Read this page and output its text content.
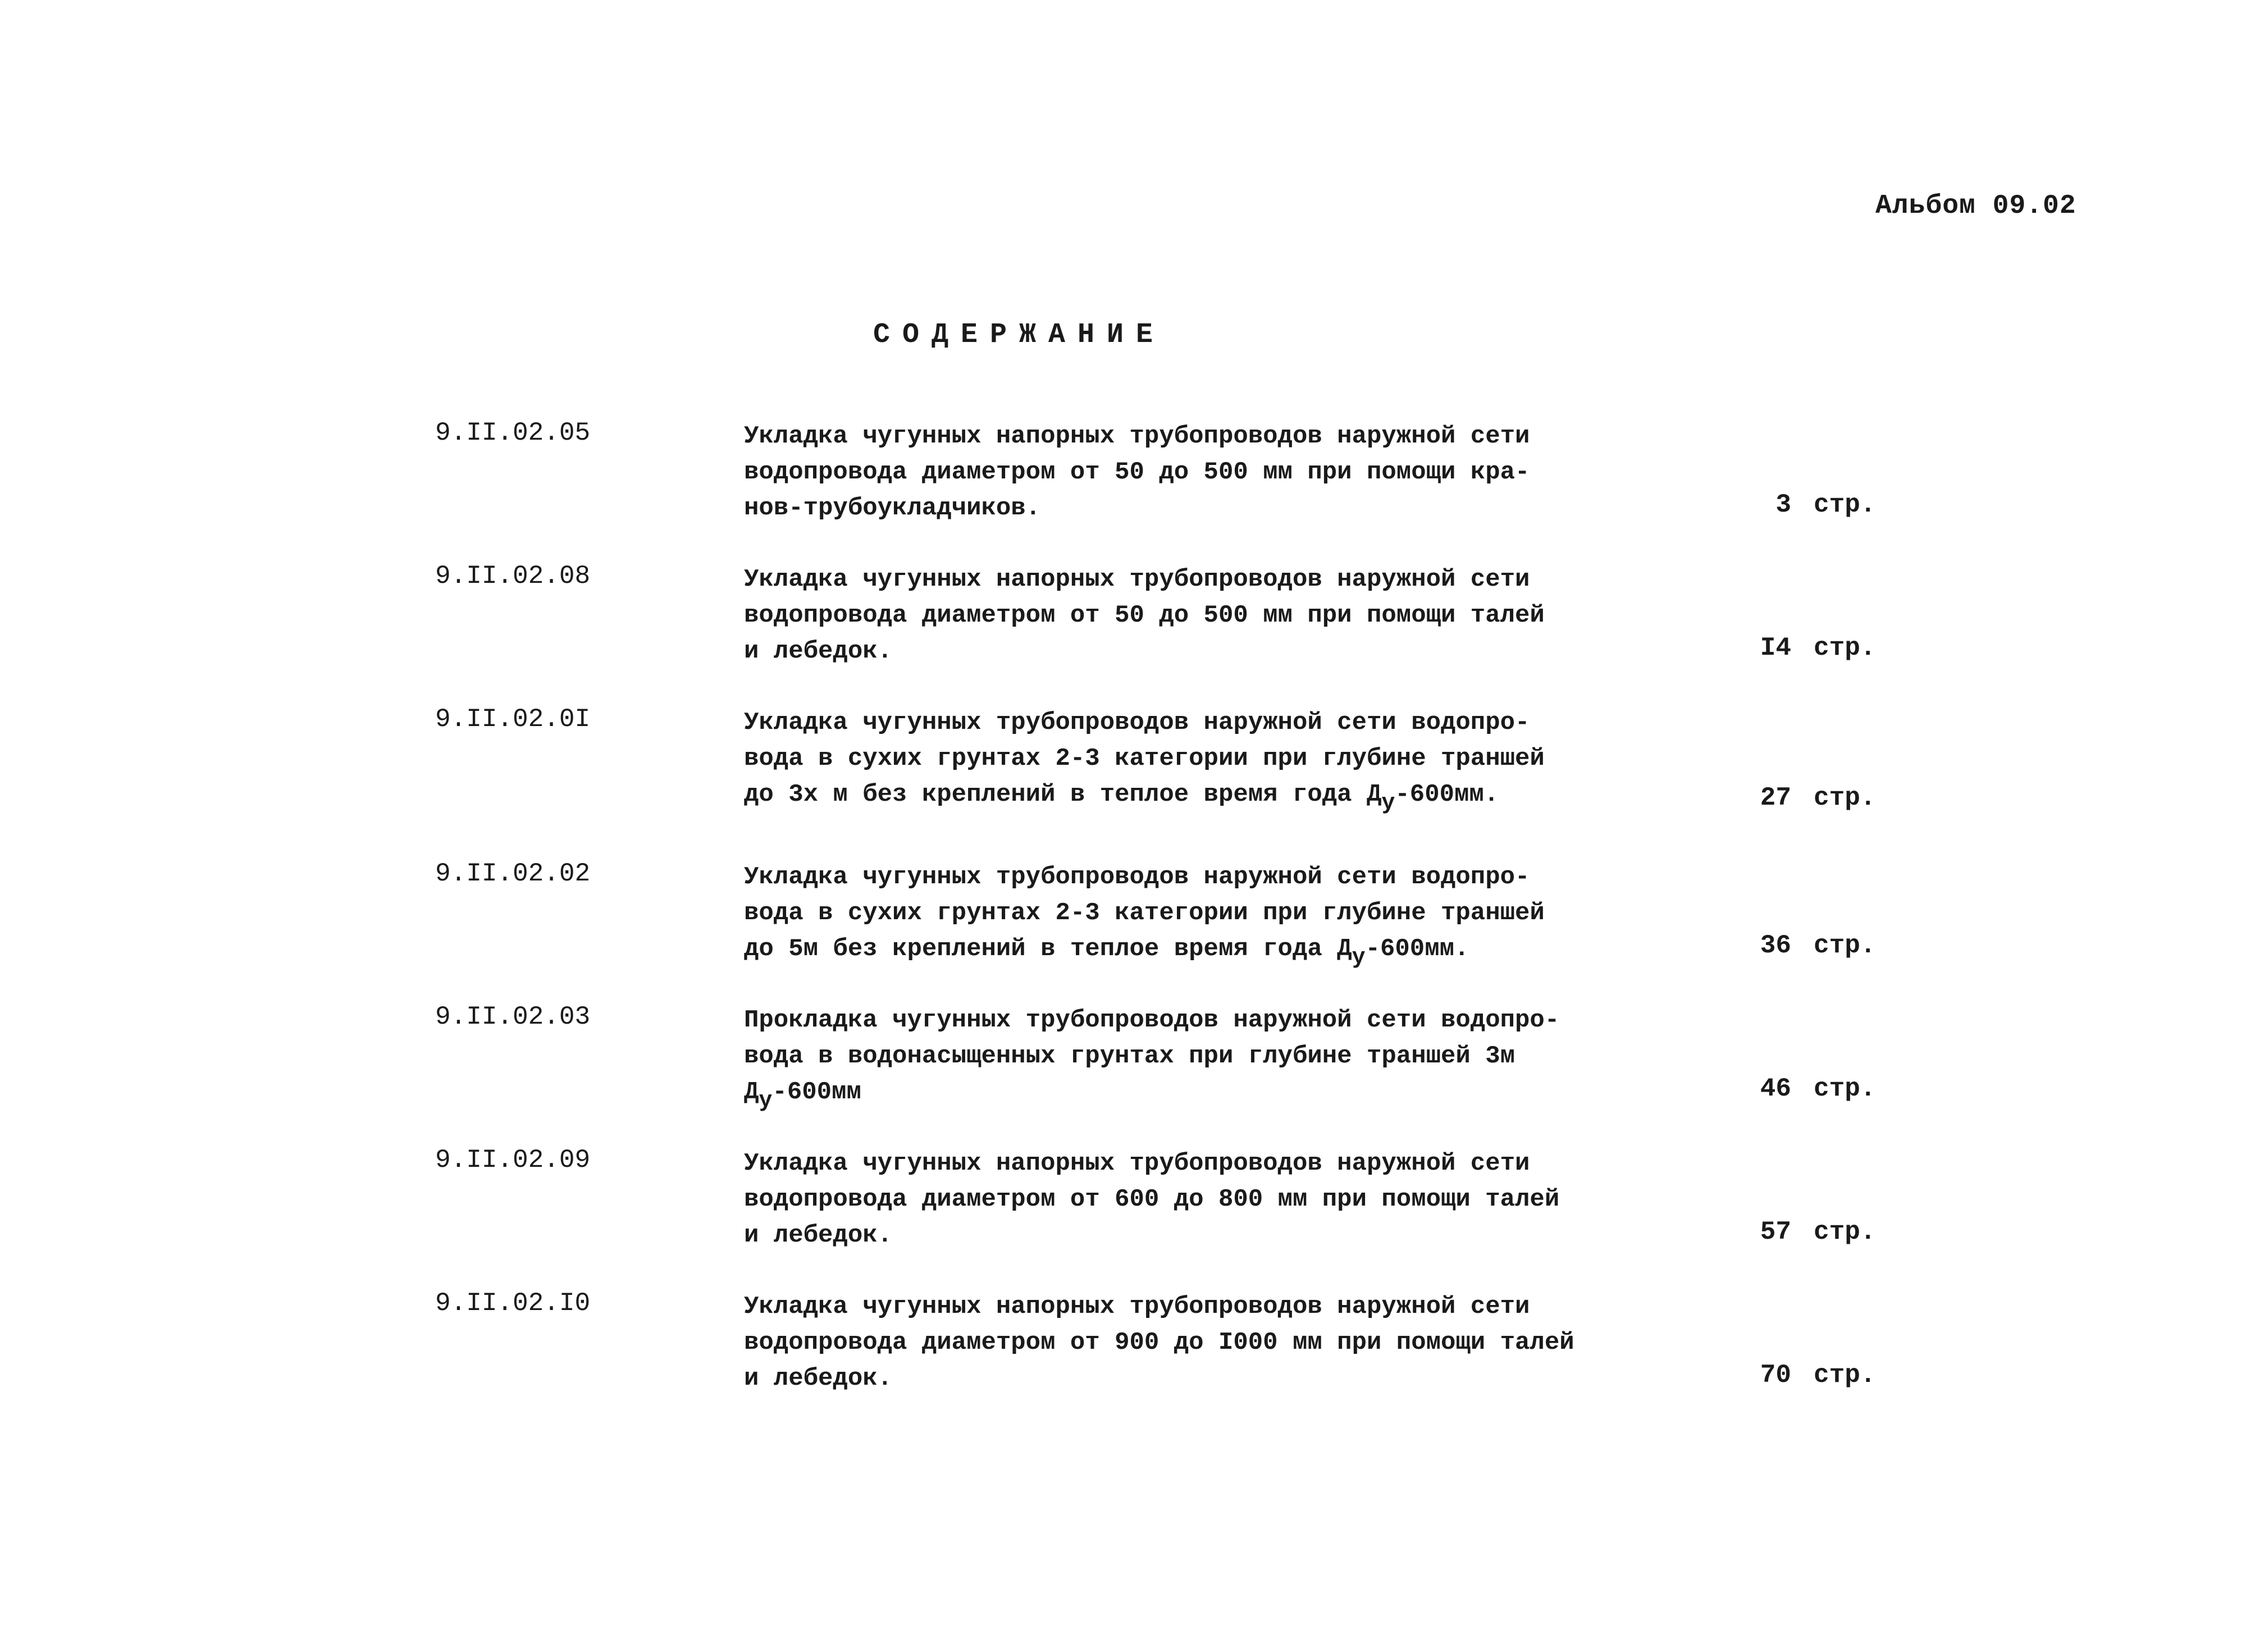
Альбом 09.02
СОДЕРЖАНИЕ
9.II.02.05	Укладка чугунных напорных трубопроводов наружной сети
водопровода диаметром от 50 до 500 мм при помощи кра-
нов-трубоукладчиков.	3 стр.
9.II.02.08	Укладка чугунных напорных трубопроводов наружной сети
водопровода диаметром от 50 до 500 мм при помощи талей
и лебедок.	I4 стр.
9.II.02.0I	Укладка чугунных трубопроводов наружной сети водопро-
вода в сухих грунтах 2-3 категории при глубине траншей
до 3х м без креплений в теплое время года $Д_у-600мм$.	27 стр.
9.II.02.02	Укладка чугунных трубопроводов наружной сети водопро-
вода в сухих грунтах 2-3 категории при глубине траншей
до 5м без креплений в теплое время года $Д_у-600мм$.	36 стр.
9.II.02.03	Прокладка чугунных трубопроводов наружной сети водопро-
вода в водонасыщенных грунтах при глубине траншей 3м
$Д_у-600мм$	46 стр.
9.II.02.09	Укладка чугунных напорных трубопроводов наружной сети
водопровода диаметром от 600 до 800 мм при помощи талей
и лебедок.	57 стр.
9.II.02.I0	Укладка чугунных напорных трубопроводов наружной сети
водопровода диаметром от 900 до I000 мм при помощи талей
и лебедок.	70 стр.
